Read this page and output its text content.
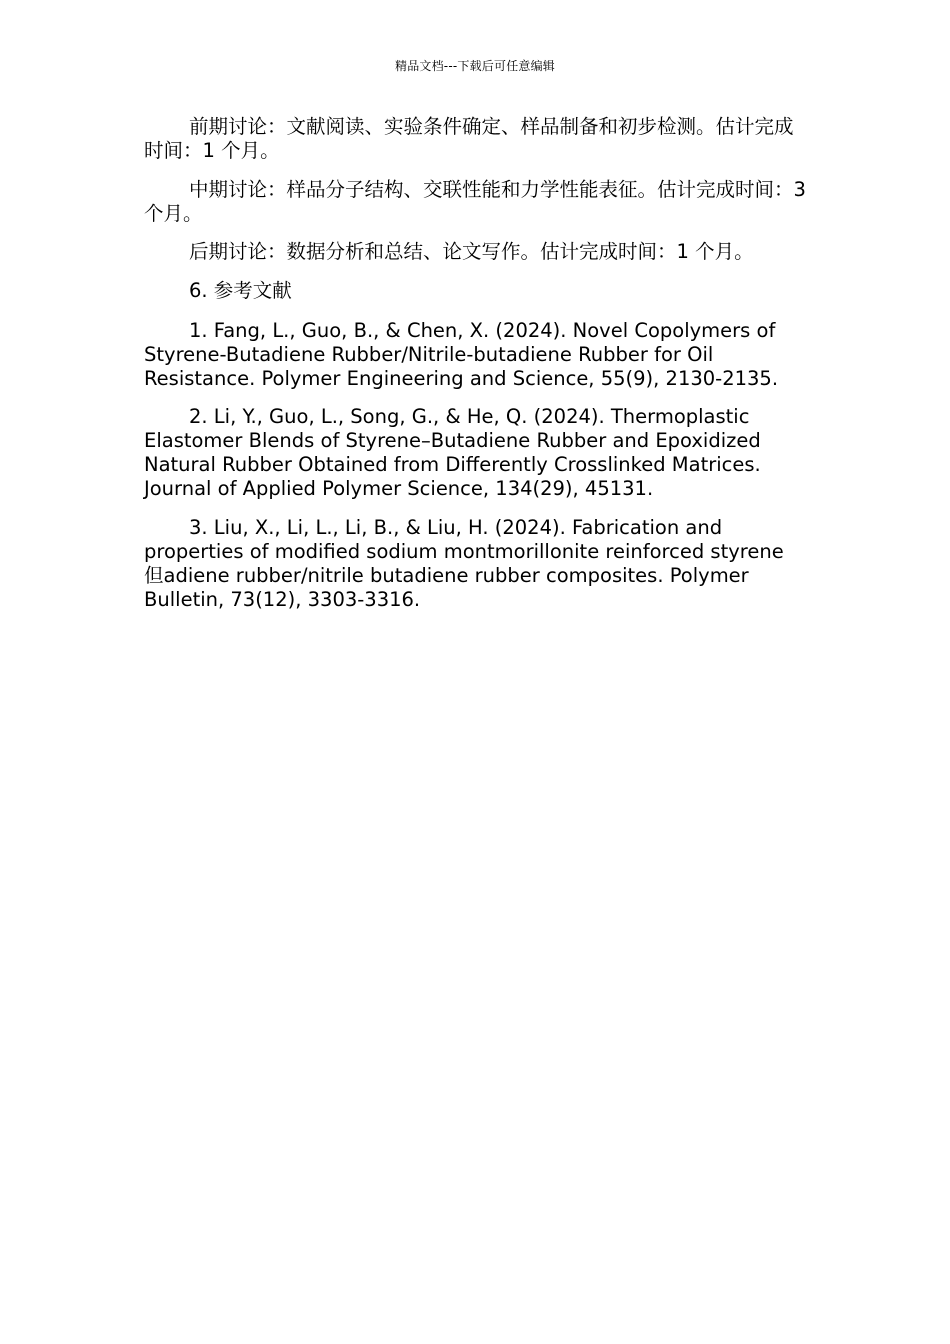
精品文档---下载后可任意编辑

前期讨论：文献阅读、实验条件确定、样品制备和初步检测。估计完成时间：1 个月。

中期讨论：样品分子结构、交联性能和力学性能表征。估计完成时间：3 个月。

后期讨论：数据分析和总结、论文写作。估计完成时间：1 个月。

6. 参考文献

1. Fang, L., Guo, B., & Chen, X. (2024). Novel Copolymers of Styrene-Butadiene Rubber/Nitrile-butadiene Rubber for Oil Resistance. Polymer Engineering and Science, 55(9), 2130-2135.

2. Li, Y., Guo, L., Song, G., & He, Q. (2024). Thermoplastic Elastomer Blends of Styrene–Butadiene Rubber and Epoxidized Natural Rubber Obtained from Differently Crosslinked Matrices. Journal of Applied Polymer Science, 134(29), 45131.

3. Liu, X., Li, L., Li, B., & Liu, H. (2024). Fabrication and properties of modified sodium montmorillonite reinforced styrene 但adiene rubber/nitrile butadiene rubber composites. Polymer Bulletin, 73(12), 3303-3316.
